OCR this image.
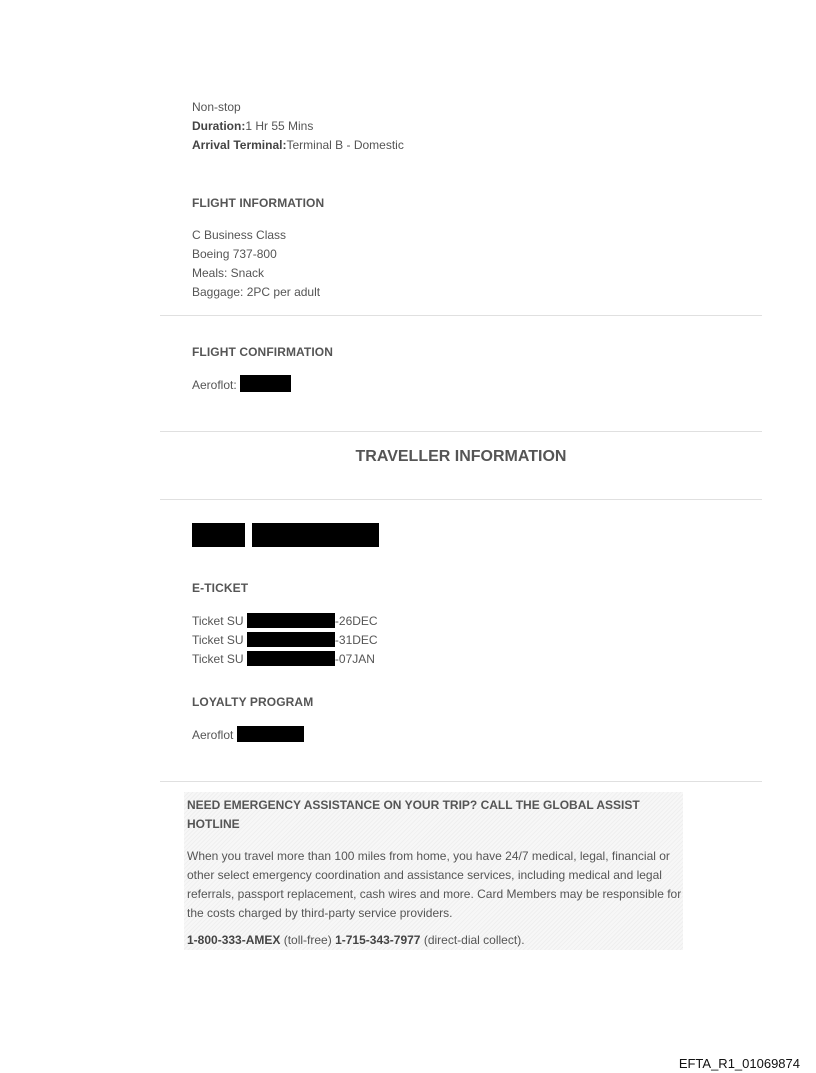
Non-stop
Duration:1 Hr 55 Mins
Arrival Terminal:Terminal B - Domestic
FLIGHT INFORMATION
C Business Class
Boeing 737-800
Meals: Snack
Baggage: 2PC per adult
FLIGHT CONFIRMATION
Aeroflot:
TRAVELLER INFORMATION
E-TICKET
Ticket SU	-26DEC
Ticket SU	-31DEC
Ticket SU	-07JAN
LOYALTY PROGRAM
Aeroflot
NEED EMERGENCY ASSISTANCE ON YOUR TRIP? CALL THE GLOBAL ASSIST HOTLINE
When you travel more than 100 miles from home, you have 24/7 medical, legal, financial or other select emergency coordination and assistance services, including medical and legal referrals, passport replacement, cash wires and more. Card Members may be responsible for the costs charged by third-party service providers.
1-800-333-AMEX (toll-free) 1-715-343-7977 (direct-dial collect).
EFTA_R1_01069874
